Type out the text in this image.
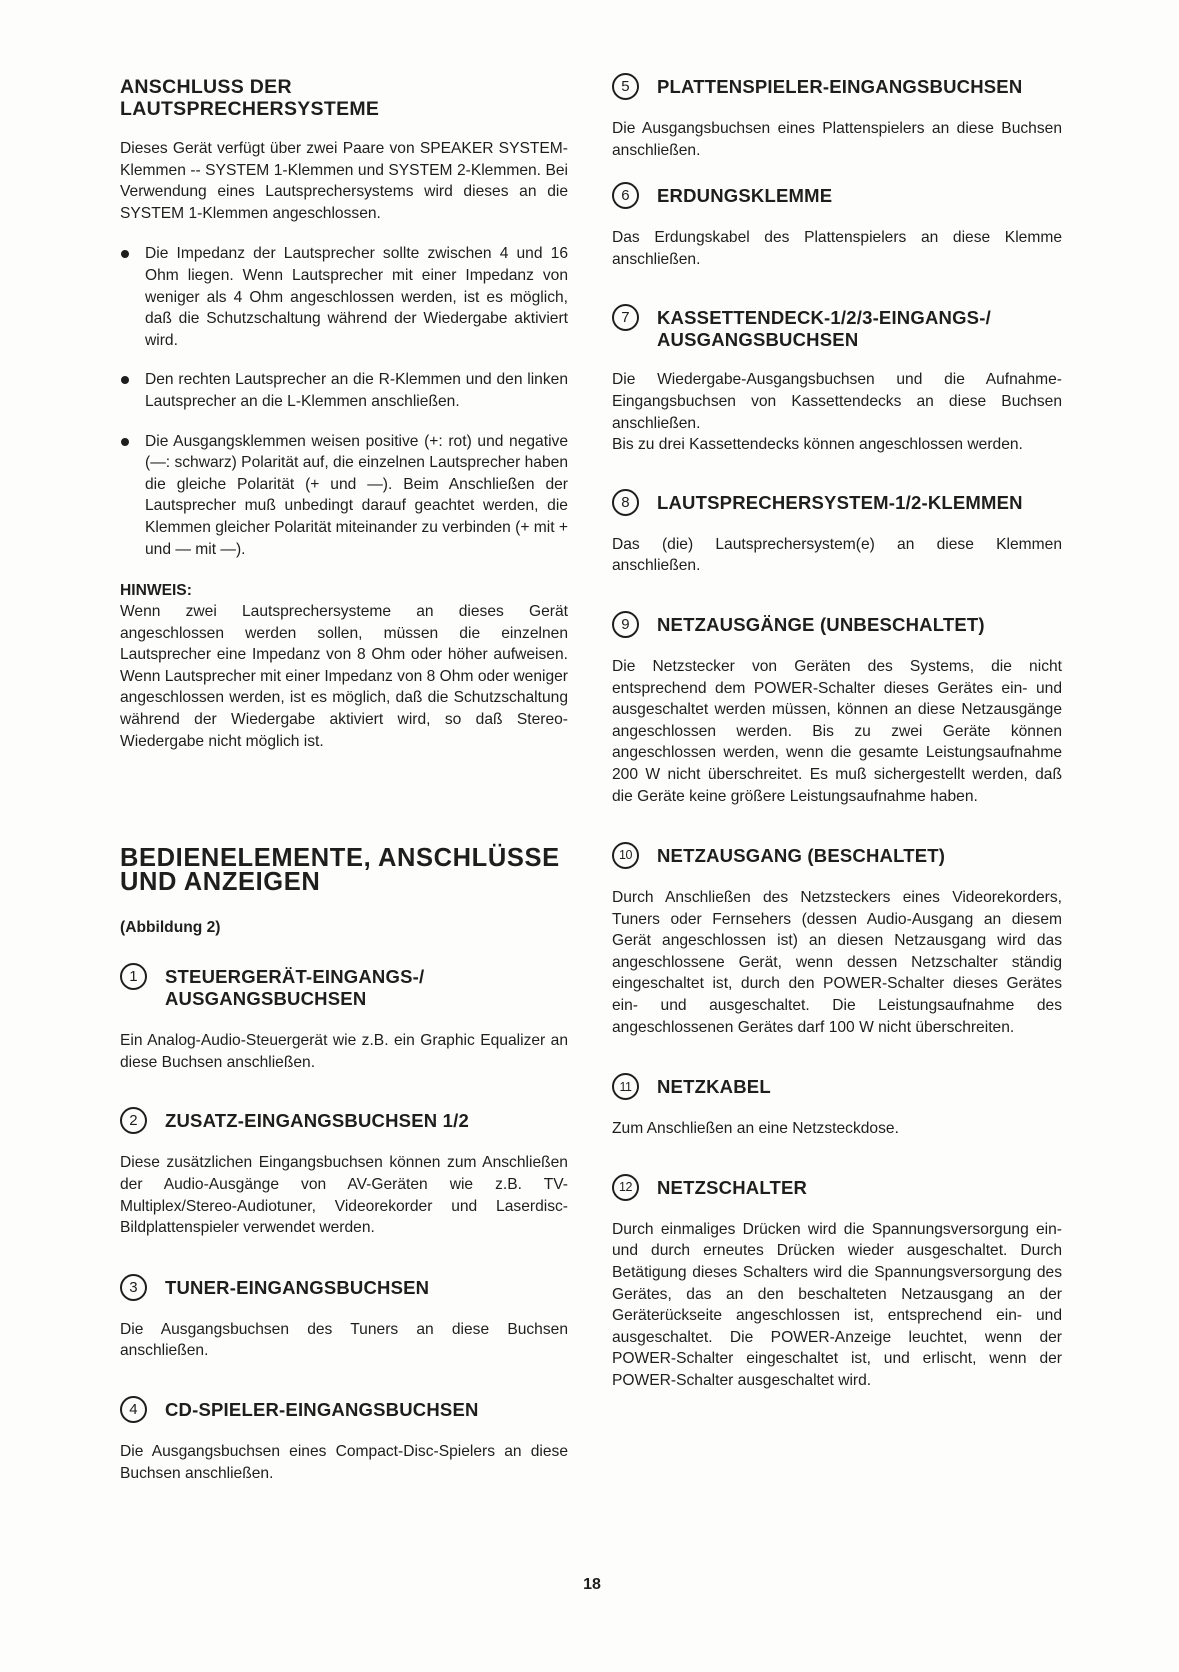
ANSCHLUSS DER LAUTSPRECHERSYSTEME

Dieses Gerät verfügt über zwei Paare von SPEAKER SYSTEM-Klemmen -- SYSTEM 1-Klemmen und SYSTEM 2-Klemmen. Bei Verwendung eines Lautsprechersystems wird dieses an die SYSTEM 1-Klemmen angeschlossen.

Die Impedanz der Lautsprecher sollte zwischen 4 und 16 Ohm liegen. Wenn Lautsprecher mit einer Impedanz von weniger als 4 Ohm angeschlossen werden, ist es möglich, daß die Schutzschaltung während der Wiedergabe aktiviert wird.

Den rechten Lautsprecher an die R-Klemmen und den linken Lautsprecher an die L-Klemmen anschließen.

Die Ausgangsklemmen weisen positive (+: rot) und negative (—: schwarz) Polarität auf, die einzelnen Lautsprecher haben die gleiche Polarität (+ und —). Beim Anschließen der Lautsprecher muß unbedingt darauf geachtet werden, die Klemmen gleicher Polarität miteinander zu verbinden (+ mit + und — mit —).

HINWEIS:

Wenn zwei Lautsprechersysteme an dieses Gerät angeschlossen werden sollen, müssen die einzelnen Lautsprecher eine Impedanz von 8 Ohm oder höher aufweisen. Wenn Lautsprecher mit einer Impedanz von 8 Ohm oder weniger angeschlossen werden, ist es möglich, daß die Schutzschaltung während der Wiedergabe aktiviert wird, so daß Stereo-Wiedergabe nicht möglich ist.

BEDIENELEMENTE, ANSCHLÜSSE
UND ANZEIGEN
(Abbildung 2)
1	STEUERGERÄT-EINGANGS-/
AUSGANGSBUCHSEN

Ein Analog-Audio-Steuergerät wie z.B. ein Graphic Equalizer an diese Buchsen anschließen.

2	ZUSATZ-EINGANGSBUCHSEN 1/2

Diese zusätzlichen Eingangsbuchsen können zum Anschließen der Audio-Ausgänge von AV-Geräten wie z.B. TV-Multiplex/Stereo-Audiotuner, Videorekorder und Laserdisc-Bildplattenspieler verwendet werden.

3	TUNER-EINGANGSBUCHSEN

Die Ausgangsbuchsen des Tuners an diese Buchsen anschließen.

4	CD-SPIELER-EINGANGSBUCHSEN

Die Ausgangsbuchsen eines Compact-Disc-Spielers an diese Buchsen anschließen.

5	PLATTENSPIELER-EINGANGSBUCHSEN

Die Ausgangsbuchsen eines Plattenspielers an diese Buchsen anschließen.

6	ERDUNGSKLEMME

Das Erdungskabel des Plattenspielers an diese Klemme anschließen.

7	KASSETTENDECK-1/2/3-EINGANGS-/
AUSGANGSBUCHSEN

Die Wiedergabe-Ausgangsbuchsen und die Aufnahme-Eingangsbuchsen von Kassettendecks an diese Buchsen anschließen.

Bis zu drei Kassettendecks können angeschlossen werden.

8	LAUTSPRECHERSYSTEM-1/2-KLEMMEN

Das (die) Lautsprechersystem(e) an diese Klemmen anschließen.

9	NETZAUSGÄNGE (UNBESCHALTET)

Die Netzstecker von Geräten des Systems, die nicht entsprechend dem POWER-Schalter dieses Gerätes ein- und ausgeschaltet werden müssen, können an diese Netzausgänge angeschlossen werden. Bis zu zwei Geräte können angeschlossen werden, wenn die gesamte Leistungsaufnahme 200 W nicht überschreitet. Es muß sichergestellt werden, daß die Geräte keine größere Leistungsaufnahme haben.

10	NETZAUSGANG (BESCHALTET)

Durch Anschließen des Netzsteckers eines Videorekorders, Tuners oder Fernsehers (dessen Audio-Ausgang an diesem Gerät angeschlossen ist) an diesen Netzausgang wird das angeschlossene Gerät, wenn dessen Netzschalter ständig eingeschaltet ist, durch den POWER-Schalter dieses Gerätes ein- und ausgeschaltet. Die Leistungsaufnahme des angeschlossenen Gerätes darf 100 W nicht überschreiten.

11	NETZKABEL

Zum Anschließen an eine Netzsteckdose.

12	NETZSCHALTER

Durch einmaliges Drücken wird die Spannungsversorgung ein- und durch erneutes Drücken wieder ausgeschaltet. Durch Betätigung dieses Schalters wird die Spannungsversorgung des Gerätes, das an den beschalteten Netzausgang an der Geräterückseite angeschlossen ist, entsprechend ein- und ausgeschaltet. Die POWER-Anzeige leuchtet, wenn der POWER-Schalter eingeschaltet ist, und erlischt, wenn der POWER-Schalter ausgeschaltet wird.

18
